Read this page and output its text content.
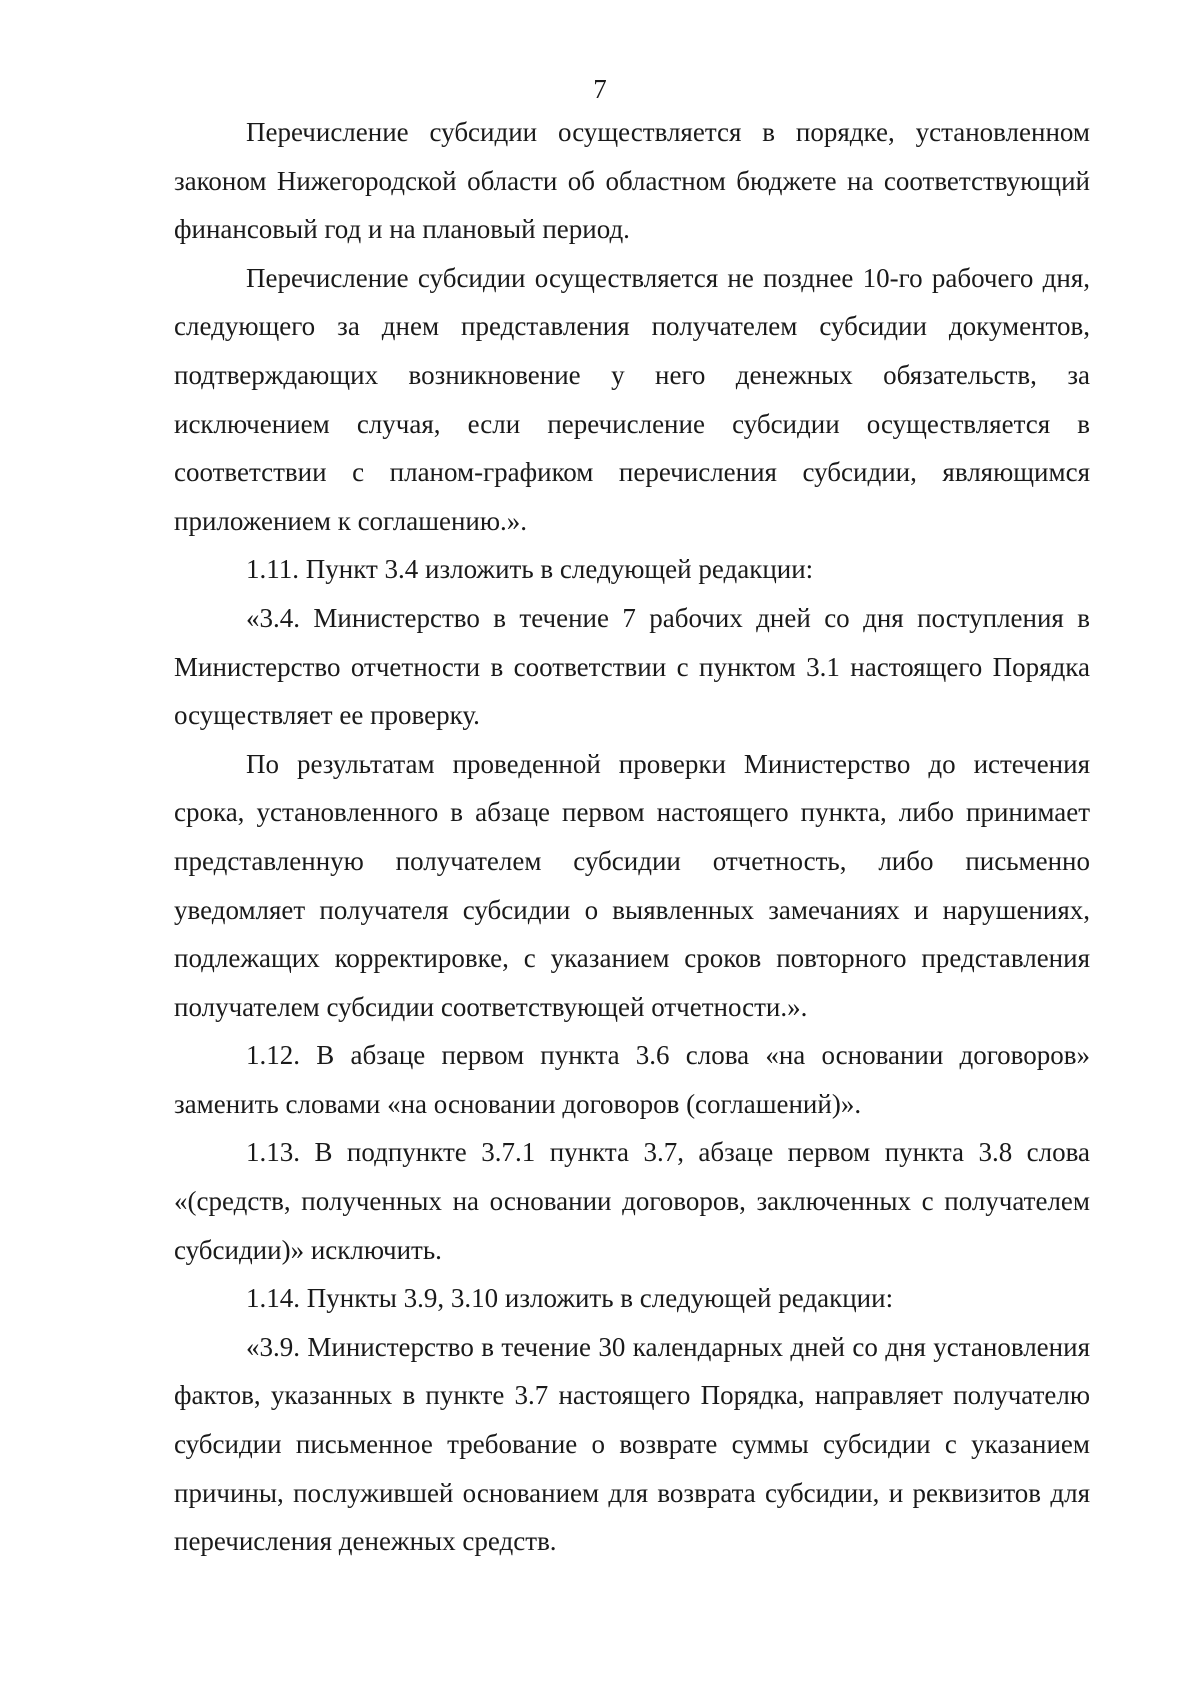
7

Перечисление субсидии осуществляется в порядке, установленном законом Нижегородской области об областном бюджете на соответствующий финансовый год и на плановый период.

Перечисление субсидии осуществляется не позднее 10-го рабочего дня, следующего за днем представления получателем субсидии документов, подтверждающих возникновение у него денежных обязательств, за исключением случая, если перечисление субсидии осуществляется в соответствии с планом-графиком перечисления субсидии, являющимся приложением к соглашению.».

1.11. Пункт 3.4 изложить в следующей редакции:

«3.4. Министерство в течение 7 рабочих дней со дня поступления в Министерство отчетности в соответствии с пунктом 3.1 настоящего Порядка осуществляет ее проверку.

По результатам проведенной проверки Министерство до истечения срока, установленного в абзаце первом настоящего пункта, либо принимает представленную получателем субсидии отчетность, либо письменно уведомляет получателя субсидии о выявленных замечаниях и нарушениях, подлежащих корректировке, с указанием сроков повторного представления получателем субсидии соответствующей отчетности.».

1.12. В абзаце первом пункта 3.6 слова «на основании договоров» заменить словами «на основании договоров (соглашений)».

1.13. В подпункте 3.7.1 пункта 3.7, абзаце первом пункта 3.8 слова «(средств, полученных на основании договоров, заключенных с получателем субсидии)» исключить.

1.14. Пункты 3.9, 3.10 изложить в следующей редакции:

«3.9. Министерство в течение 30 календарных дней со дня установления фактов, указанных в пункте 3.7 настоящего Порядка, направляет получателю субсидии письменное требование о возврате суммы субсидии с указанием причины, послужившей основанием для возврата субсидии, и реквизитов для перечисления денежных средств.
